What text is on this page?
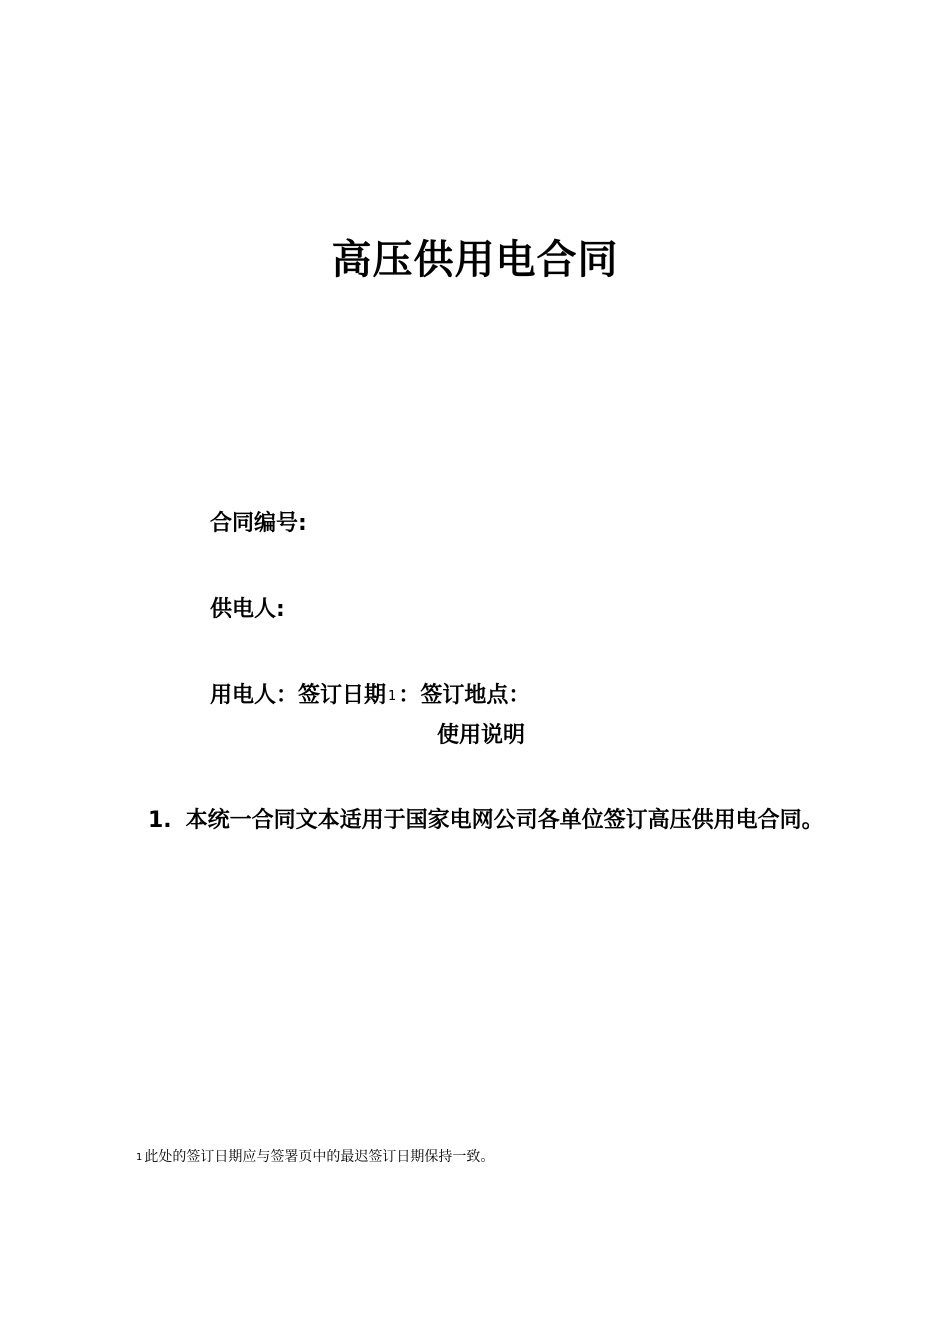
高压供用电合同
合同编号:
供电人:
用电人：签订日期 1：签订地点：
使用说明
1. 本统一合同文本适用于国家电网公司各单位签订高压供用电合同。
1 此处的签订日期应与签署页中的最迟签订日期保持一致。
